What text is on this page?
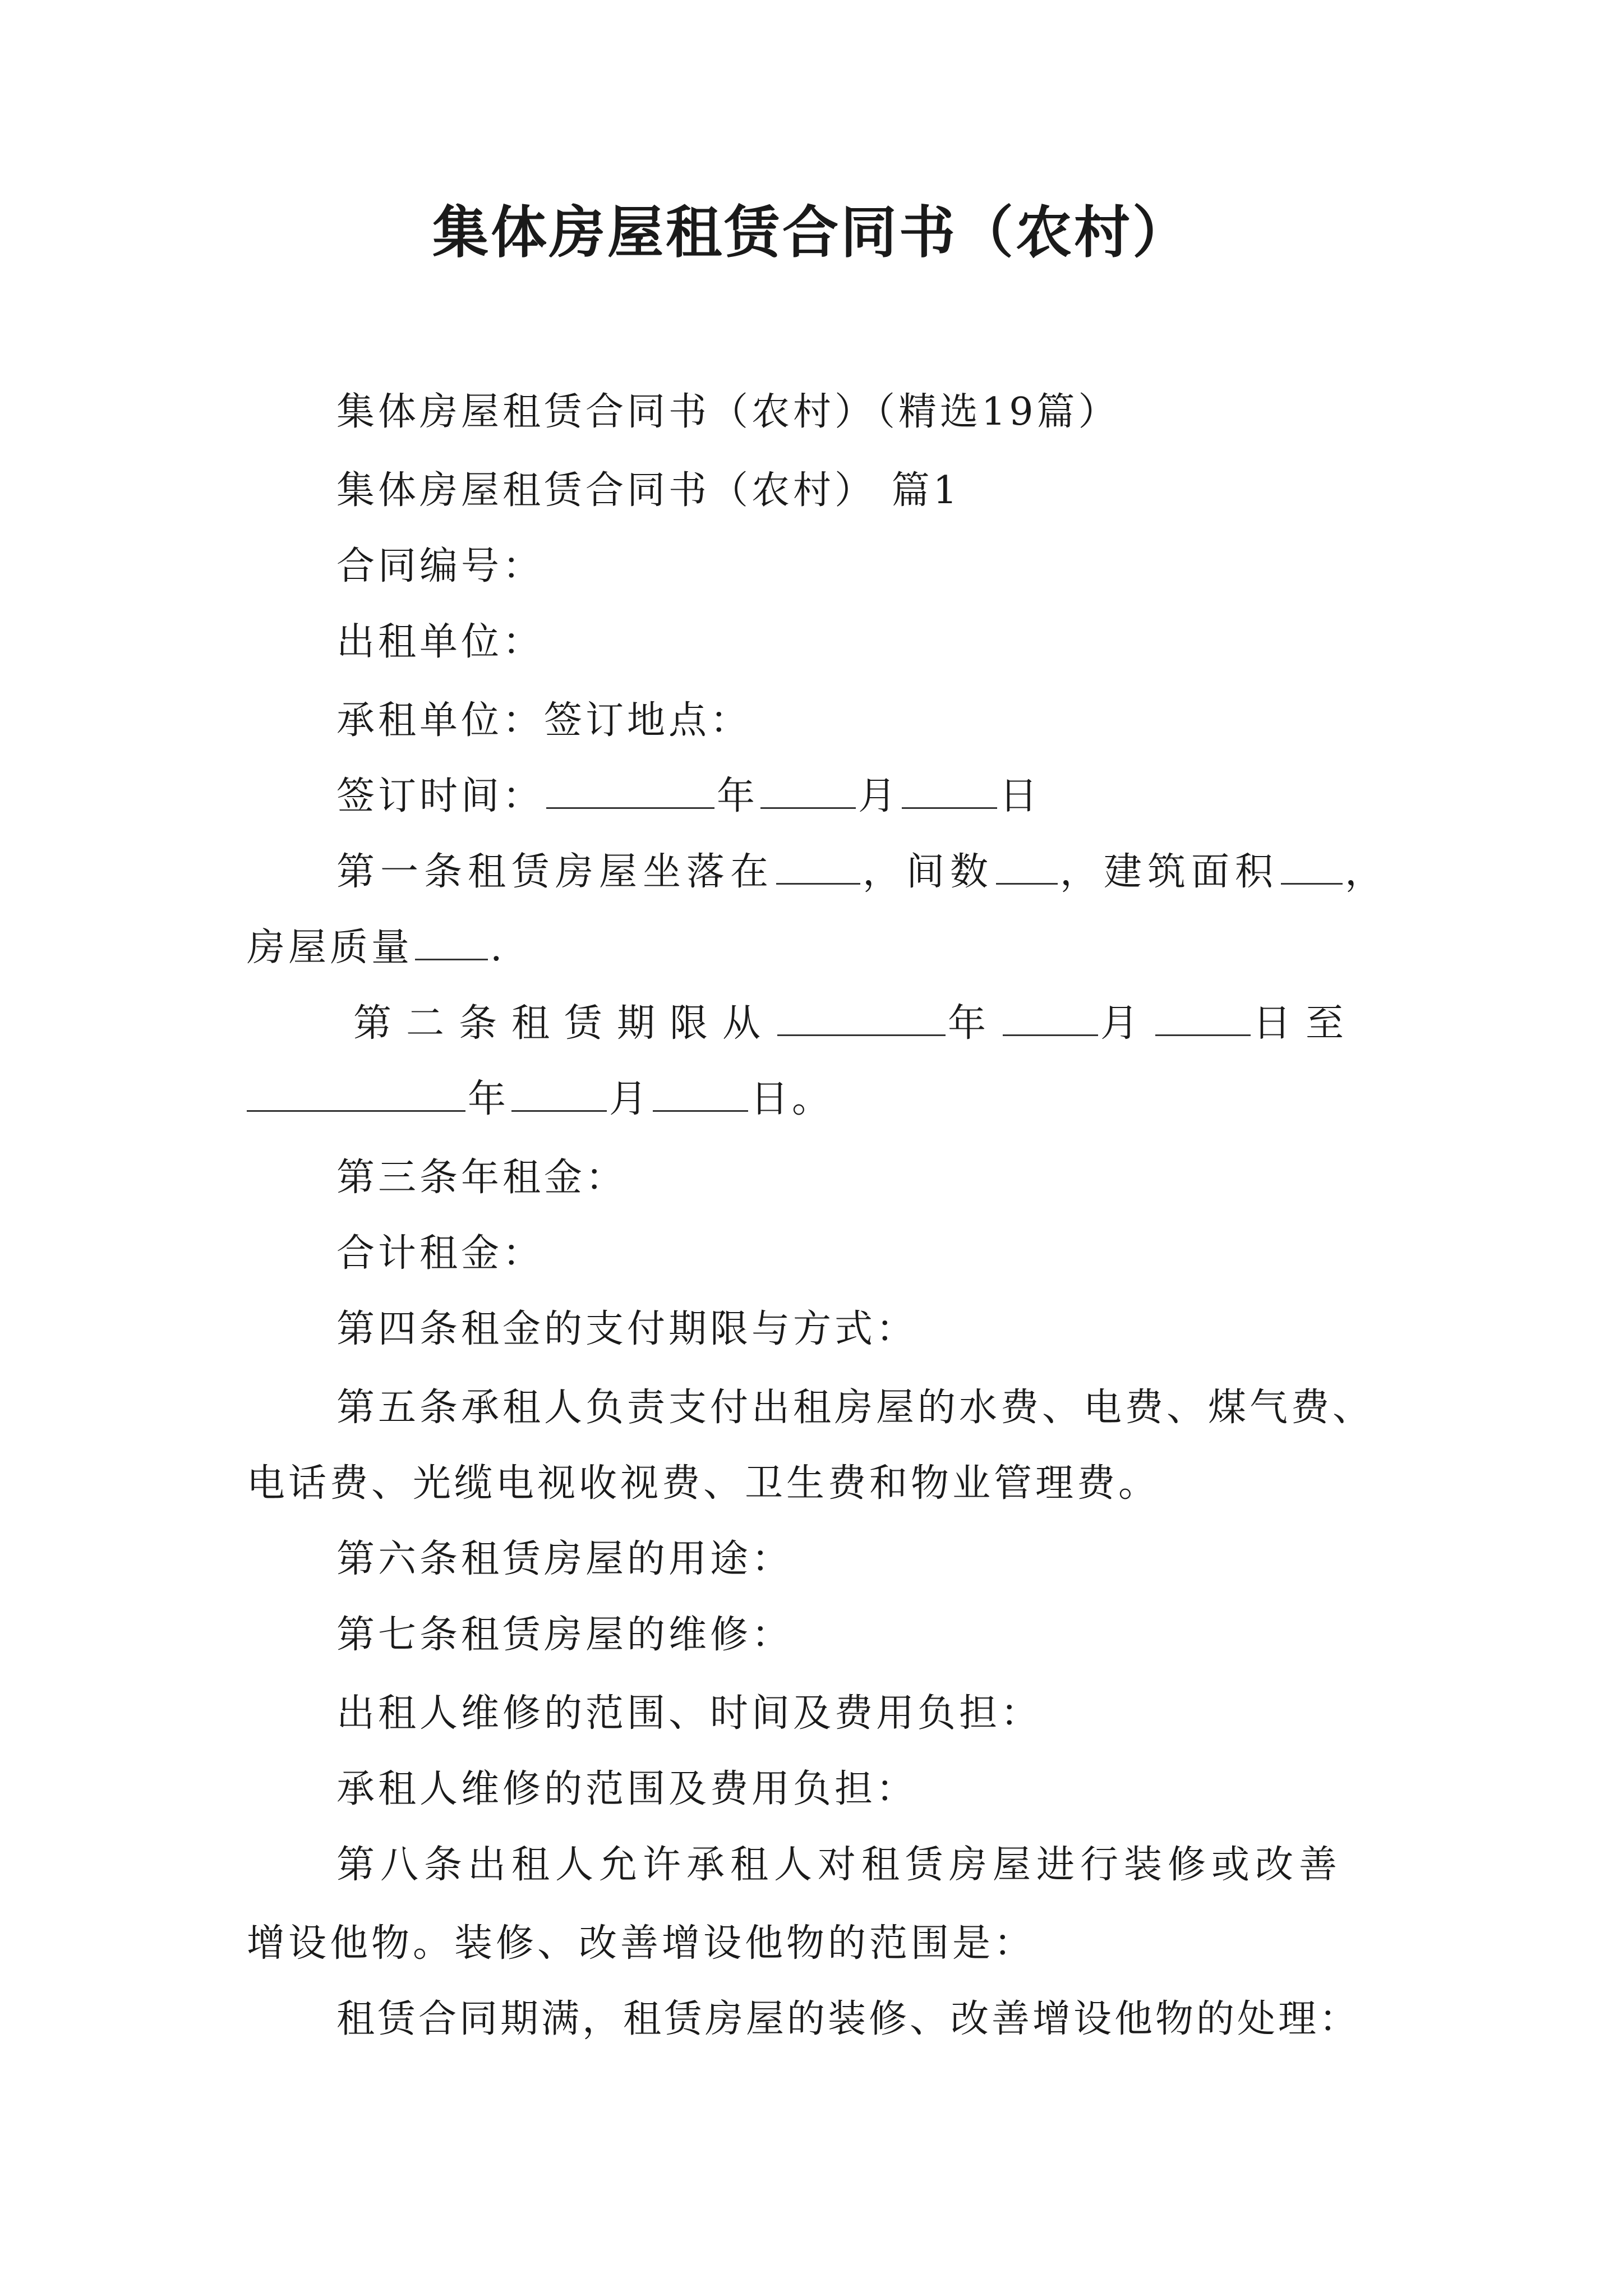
集体房屋租赁合同书（农村）
集体房屋租赁合同书（农村）（精选19篇）
集体房屋租赁合同书（农村） 篇1
合同编号：
出租单位：
承租单位：签订地点：
签订时间：	年	月	日
第一条租赁房屋坐落在 ，间数 ，建筑面积 ，
房屋质量 .
第二条租赁期限从	年	月	日至
年	月	日。
第三条年租金：
合计租金：
第四条租金的支付期限与方式：
第五条承租人负责支付出租房屋的水费、电费、煤气费、
电话费、光缆电视收视费、卫生费和物业管理费。
第六条租赁房屋的用途：
第七条租赁房屋的维修：
出租人维修的范围、时间及费用负担：
承租人维修的范围及费用负担：
第八条出租人允许承租人对租赁房屋进行装修或改善
增设他物。装修、改善增设他物的范围是：
租赁合同期满，租赁房屋的装修、改善增设他物的处理：
